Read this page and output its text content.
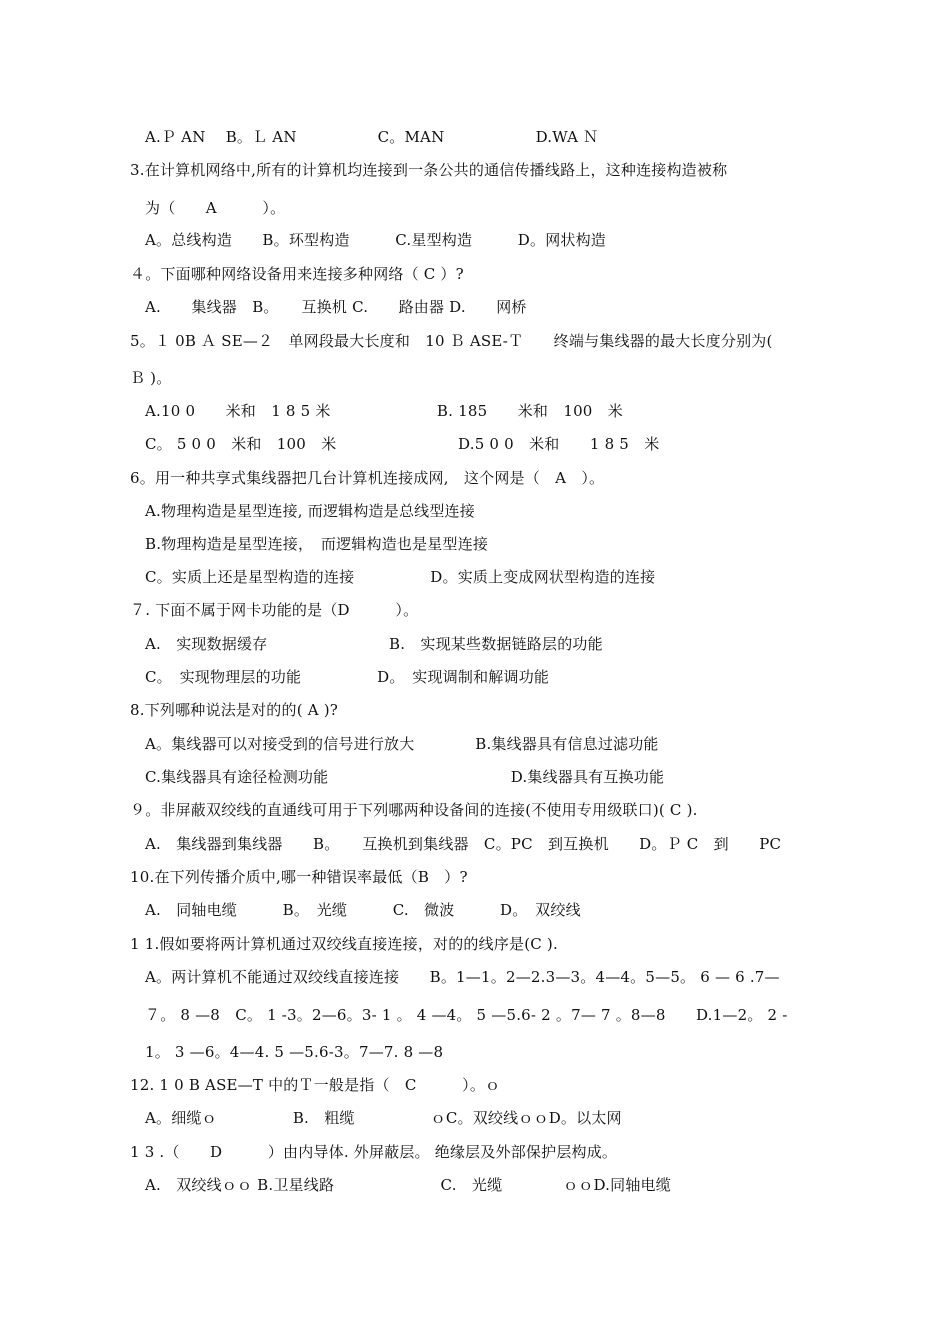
A.Ｐ AN　 B。Ｌ AN　　　　　 C。MAN　　　　　　D.WA Ｎ
3.在计算机网络中,所有的计算机均连接到一条公共的通信传播线路上，这种连接构造被称
为（　　A　　　）。
A。总线构造　　B。环型构造　　　C.星型构造　　　D。网状构造
４。下面哪种网络设备用来连接多种网络（ C ）?
A.　　集线器　B。　　互换机 C.　　路由器 D.　　网桥
5。１ 0B Ａ SE—２　单网段最大长度和　10 Ｂ ASE-Ｔ　　终端与集线器的最大长度分别为(
Ｂ )。
A.10 0　　米和　1 8 5 米　　　　　　　B. 185　　米和　100　米
C。 5 0 0　米和　100　米　　　　　　　　D.5 0 0　米和　　1 8 5　米
6。用一种共享式集线器把几台计算机连接成网,　这个网是（　A　）。
A.物理构造是星型连接, 而逻辑构造是总线型连接
B.物理构造是星型连接，　而逻辑构造也是星型连接
C。实质上还是星型构造的连接　　　　　D。实质上变成网状型构造的连接
７. 下面不属于网卡功能的是（D　　　）。
A.　实现数据缓存　　　　　　　　B.　实现某些数据链路层的功能
C。　实现物理层的功能　　　　　D。　实现调制和解调功能
8.下列哪种说法是对的的( A )?
A。集线器可以对接受到的信号进行放大　　　　B.集线器具有信息过滤功能
C.集线器具有途径检测功能　　　　　　　　　　　　D.集线器具有互换功能
９。非屏蔽双绞线的直通线可用于下列哪两种设备间的连接(不使用专用级联口)( C ).
A.　集线器到集线器　　B。　　互换机到集线器　C。PC　到互换机　　D。Ｐ C　到　　PC
10.在下列传播介质中,哪一种错误率最低（B　）?
A.　同轴电缆　　　B。　光缆　　　C.　微波　　　D。　双绞线
1 1.假如要将两计算机通过双绞线直接连接，对的的线序是(C ).
A。两计算机不能通过双绞线直接连接　　B。1—1。2—2.3—3。4—4。5—5。 6 — 6 .7—
７。 8 —8　C。 1 -3。2—6。3- 1 。 4 —4。 5 —5.6- 2 。7— 7 。8—8　　D.1—2。 2 -
1。 3 —6。4—4. 5 —5.6-3。7—7. 8 —8
12. 1 0 B ASE—T 中的Ｔ一般是指（　C　　　）。ｏ
A。细缆ｏ　　　　　B.　粗缆　　　　　ｏC。双绞线ｏｏD。以太网
1 3 .（　　D　　　）由内导体. 外屏蔽层。 绝缘层及外部保护层构成。
A.　双绞线ｏｏ B.卫星线路　　　　　　　C.　光缆　　　　ｏｏD.同轴电缆
